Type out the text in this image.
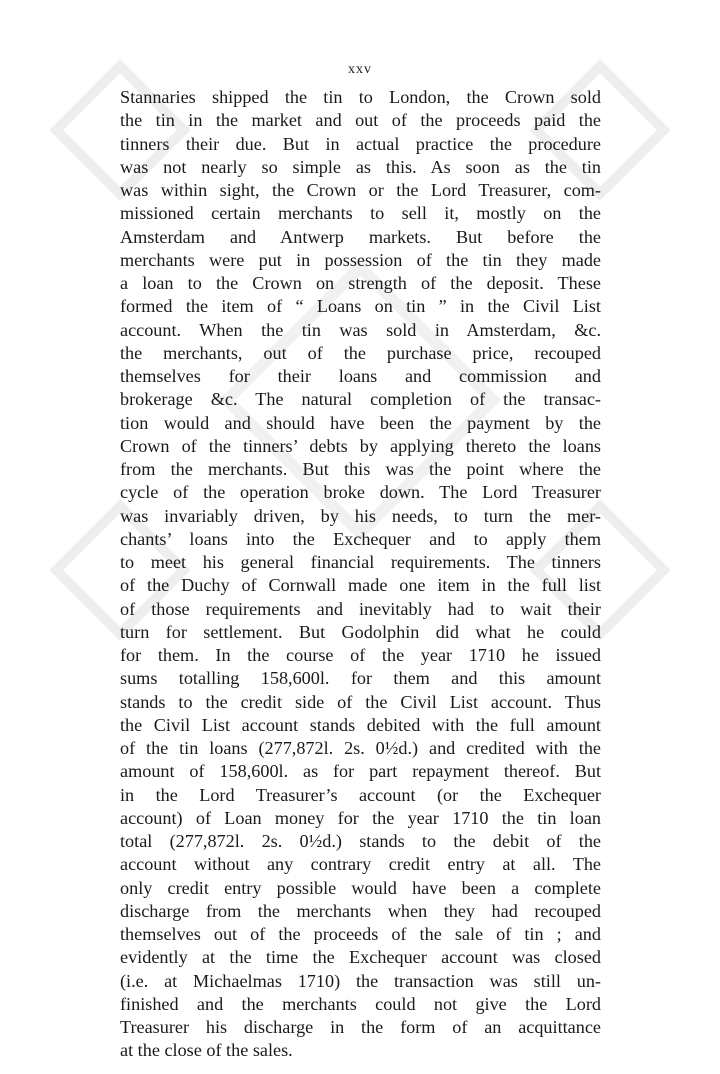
xxv
Stannaries shipped the tin to London, the Crown sold
the tin in the market and out of the proceeds paid the
tinners their due. But in actual practice the procedure
was not nearly so simple as this. As soon as the tin
was within sight, the Crown or the Lord Treasurer, com-
missioned certain merchants to sell it, mostly on the
Amsterdam and Antwerp markets. But before the
merchants were put in possession of the tin they made
a loan to the Crown on strength of the deposit. These
formed the item of “ Loans on tin ” in the Civil List
account. When the tin was sold in Amsterdam, &c.
the merchants, out of the purchase price, recouped
themselves for their loans and commission and
brokerage &c. The natural completion of the transac-
tion would and should have been the payment by the
Crown of the tinners’ debts by applying thereto the loans
from the merchants. But this was the point where the
cycle of the operation broke down. The Lord Treasurer
was invariably driven, by his needs, to turn the mer-
chants’ loans into the Exchequer and to apply them
to meet his general financial requirements. The tinners
of the Duchy of Cornwall made one item in the full list
of those requirements and inevitably had to wait their
turn for settlement. But Godolphin did what he could
for them. In the course of the year 1710 he issued
sums totalling 158,600l. for them and this amount
stands to the credit side of the Civil List account. Thus
the Civil List account stands debited with the full amount
of the tin loans (277,872l. 2s. 0½d.) and credited with the
amount of 158,600l. as for part repayment thereof. But
in the Lord Treasurer’s account (or the Exchequer
account) of Loan money for the year 1710 the tin loan
total (277,872l. 2s. 0½d.) stands to the debit of the
account without any contrary credit entry at all. The
only credit entry possible would have been a complete
discharge from the merchants when they had recouped
themselves out of the proceeds of the sale of tin ; and
evidently at the time the Exchequer account was closed
(i.e. at Michaelmas 1710) the transaction was still un-
finished and the merchants could not give the Lord
Treasurer his discharge in the form of an acquittance
at the close of the sales.
